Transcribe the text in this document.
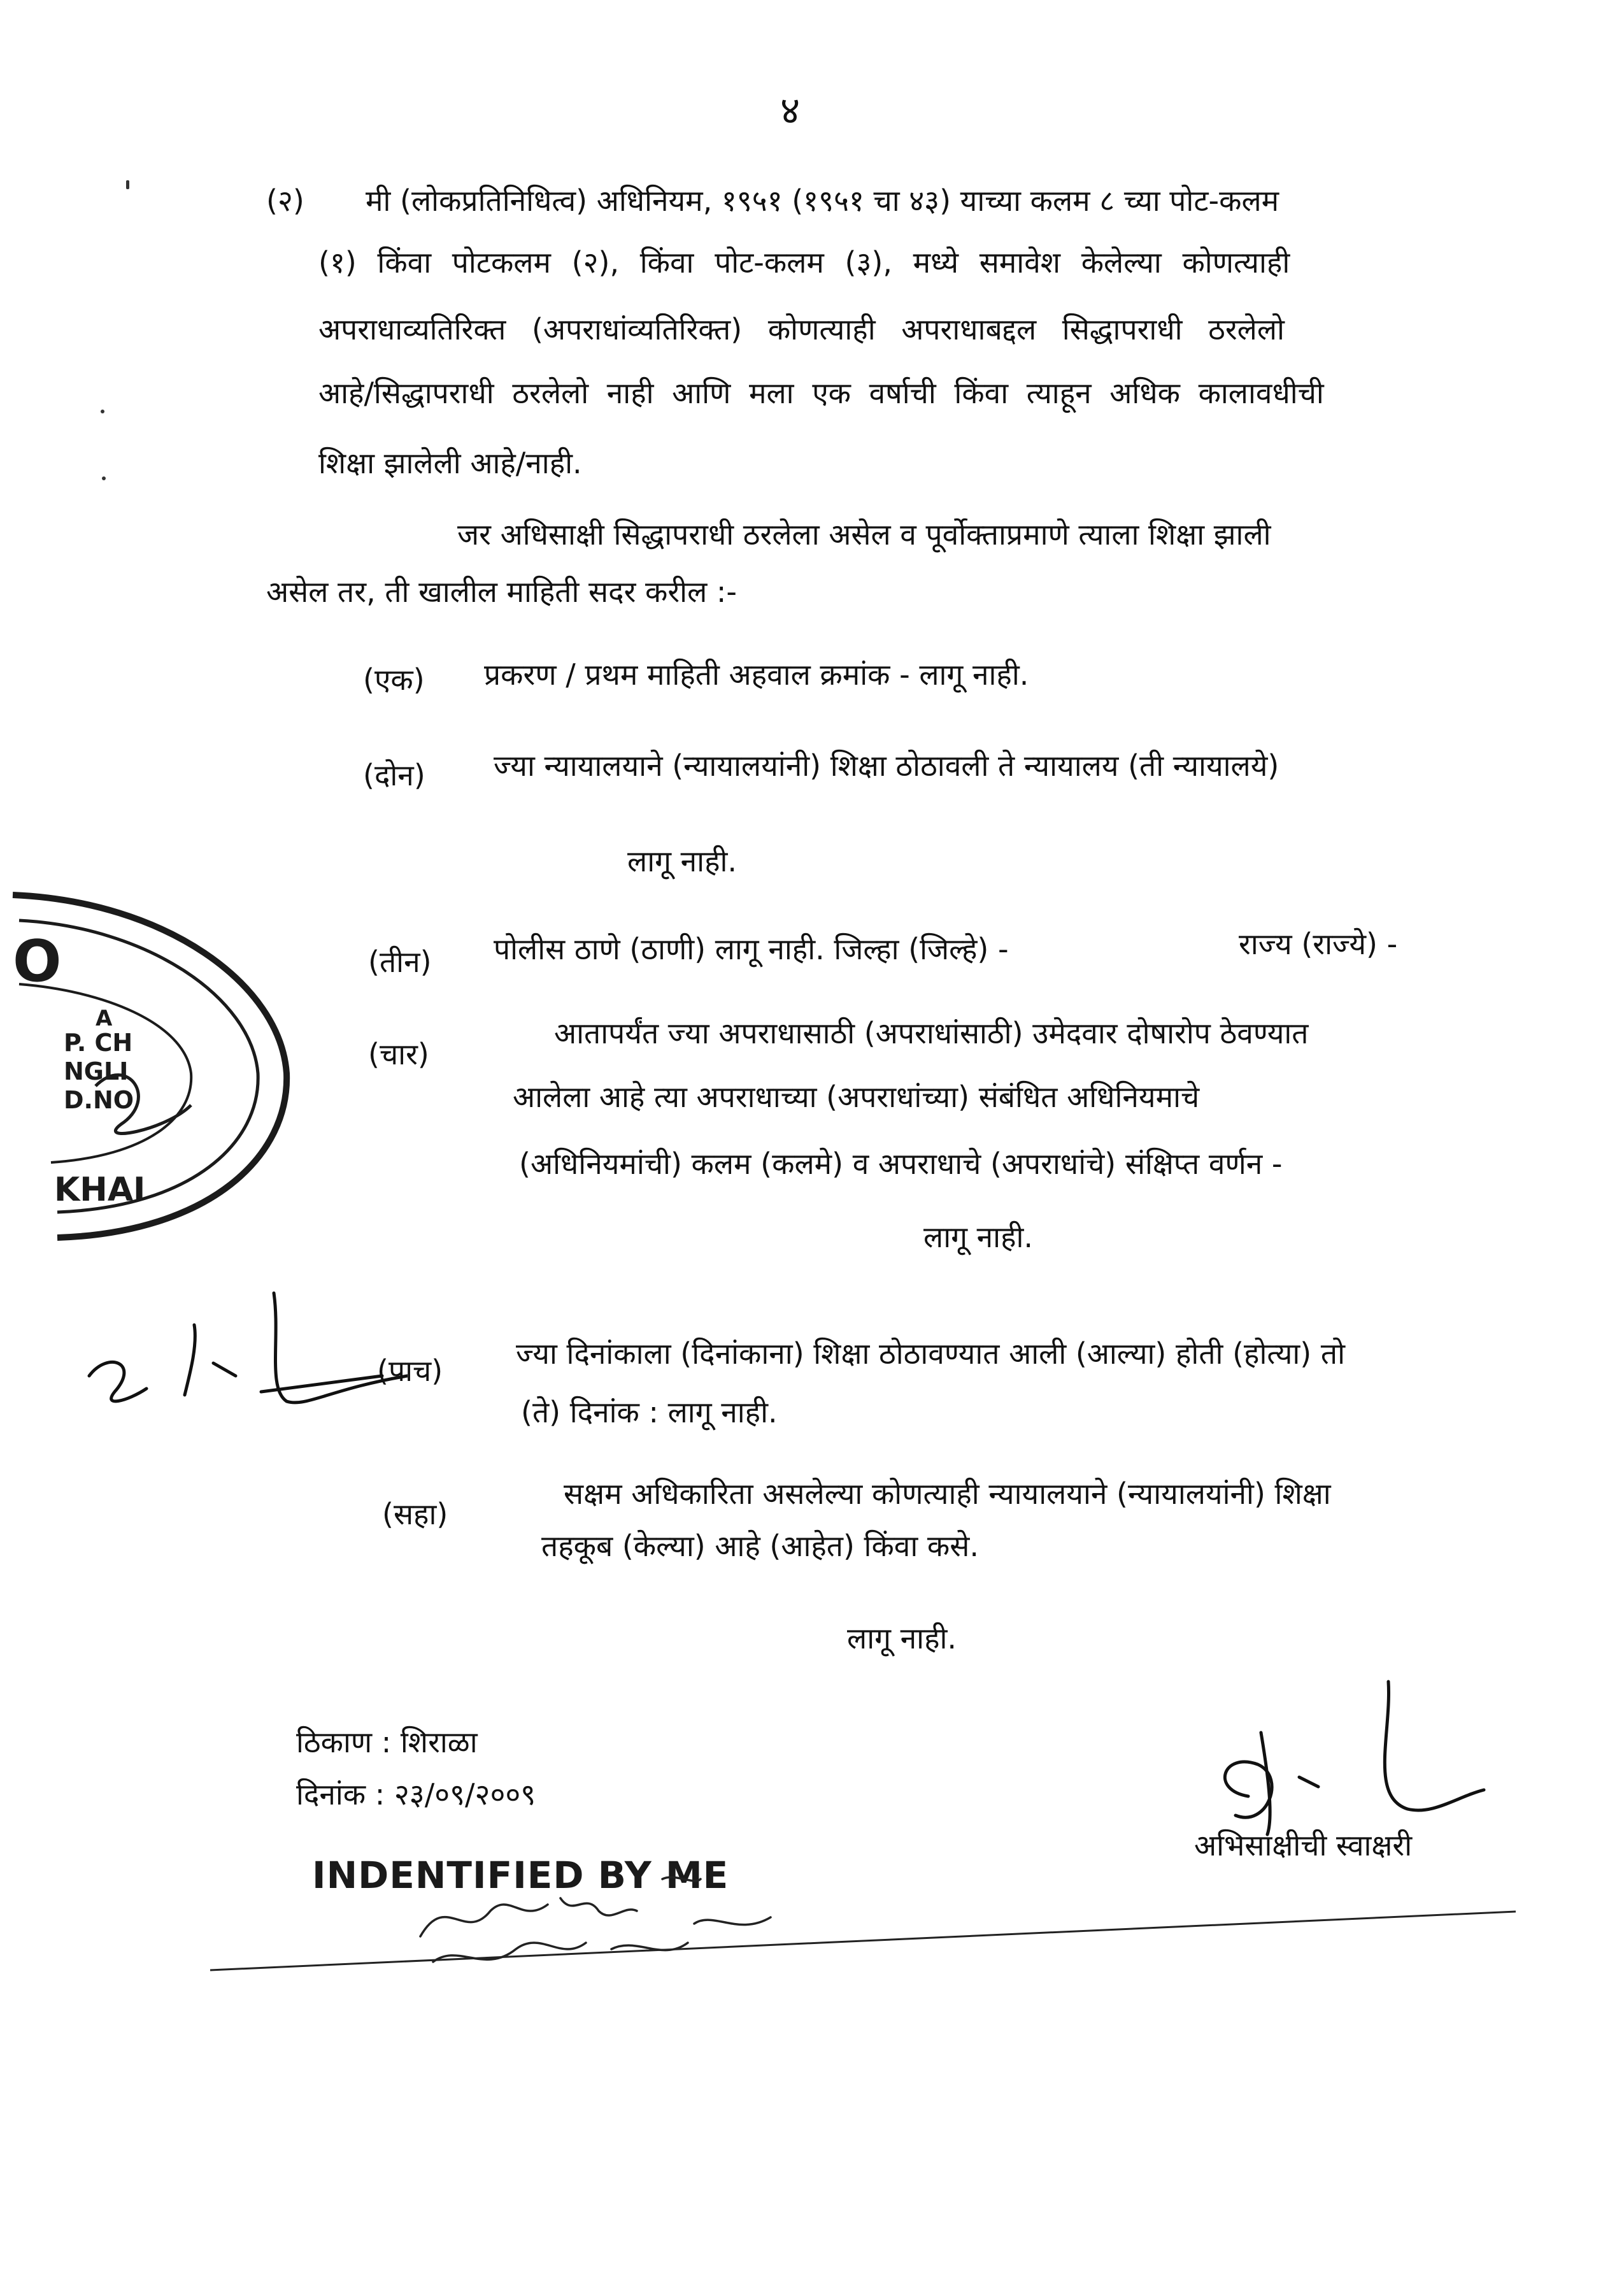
४
(२) मी (लोकप्रतिनिधित्व) अधिनियम, १९५१ (१९५१ चा ४३) याच्या कलम ८ च्या पोट-कलम
(१) किंवा पोटकलम (२), किंवा पोट-कलम (३), मध्ये समावेश केलेल्या कोणत्याही
अपराधाव्यतिरिक्त (अपराधांव्यतिरिक्त) कोणत्याही अपराधाबद्दल सिद्धापराधी ठरलेलो
आहे/सिद्धापराधी ठरलेलो नाही आणि मला एक वर्षाची किंवा त्याहून अधिक कालावधीची
शिक्षा झालेली आहे/नाही.
जर अधिसाक्षी सिद्धापराधी ठरलेला असेल व पूर्वोक्ताप्रमाणे त्याला शिक्षा झाली
असेल तर, ती खालील माहिती सदर करील :-
(एक) प्रकरण / प्रथम माहिती अहवाल क्रमांक - लागू नाही.
(दोन) ज्या न्यायालयाने (न्यायालयांनी) शिक्षा ठोठावली ते न्यायालय (ती न्यायालये)
लागू नाही.
(तीन) पोलीस ठाणे (ठाणी) लागू नाही. जिल्हा (जिल्हे) -	राज्य (राज्ये) -
(चार)
आतापर्यंत ज्या अपराधासाठी (अपराधांसाठी) उमेदवार दोषारोप ठेवण्यात
आलेला आहे त्या अपराधाच्या (अपराधांच्या) संबंधित अधिनियमाचे
(अधिनियमांची) कलम (कलमे) व अपराधाचे (अपराधांचे) संक्षिप्त वर्णन -
लागू नाही.
(पाच) ज्या दिनांकाला (दिनांकाना) शिक्षा ठोठावण्यात आली (आल्या) होती (होत्या) तो
(ते) दिनांक : लागू नाही.
(सहा)
सक्षम अधिकारिता असलेल्या कोणत्याही न्यायालयाने (न्यायालयांनी) शिक्षा
तहकूब (केल्या) आहे (आहेत) किंवा कसे.
लागू नाही.
ठिकाण : शिराळा
दिनांक : २३/०९/२००९
अभिसाक्षीची स्वाक्षरी
INDENTIFIED BY ME
O
A
P. CH
NGLI
D.NO
KHAI
